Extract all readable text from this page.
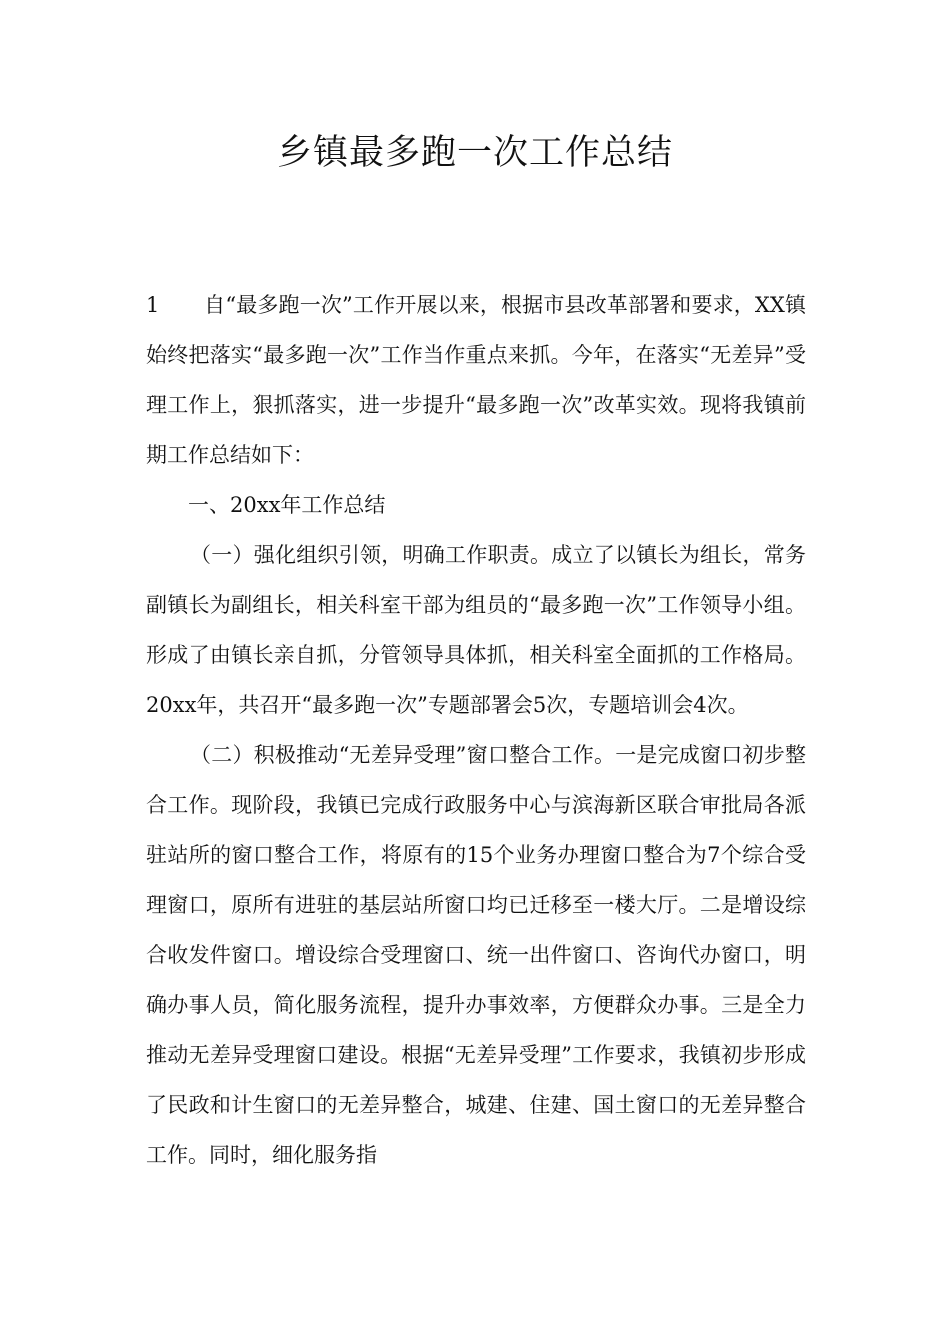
乡镇最多跑一次工作总结

1 自“最多跑一次”工作开展以来，根据市县改革部署和要求，XX镇始终把落实“最多跑一次”工作当作重点来抓。今年，在落实“无差异”受理工作上，狠抓落实，进一步提升“最多跑一次”改革实效。现将我镇前期工作总结如下：

一、20xx年工作总结

（一）强化组织引领，明确工作职责。成立了以镇长为组长，常务副镇长为副组长，相关科室干部为组员的“最多跑一次”工作领导小组。形成了由镇长亲自抓，分管领导具体抓，相关科室全面抓的工作格局。20xx年，共召开“最多跑一次”专题部署会5次，专题培训会4次。

（二）积极推动“无差异受理”窗口整合工作。一是完成窗口初步整合工作。现阶段，我镇已完成行政服务中心与滨海新区联合审批局各派驻站所的窗口整合工作，将原有的15个业务办理窗口整合为7个综合受理窗口，原所有进驻的基层站所窗口均已迁移至一楼大厅。二是增设综合收发件窗口。增设综合受理窗口、统一出件窗口、咨询代办窗口，明确办事人员，简化服务流程，提升办事效率，方便群众办事。三是全力推动无差异受理窗口建设。根据“无差异受理”工作要求，我镇初步形成了民政和计生窗口的无差异整合，城建、住建、国土窗口的无差异整合工作。同时，细化服务指
